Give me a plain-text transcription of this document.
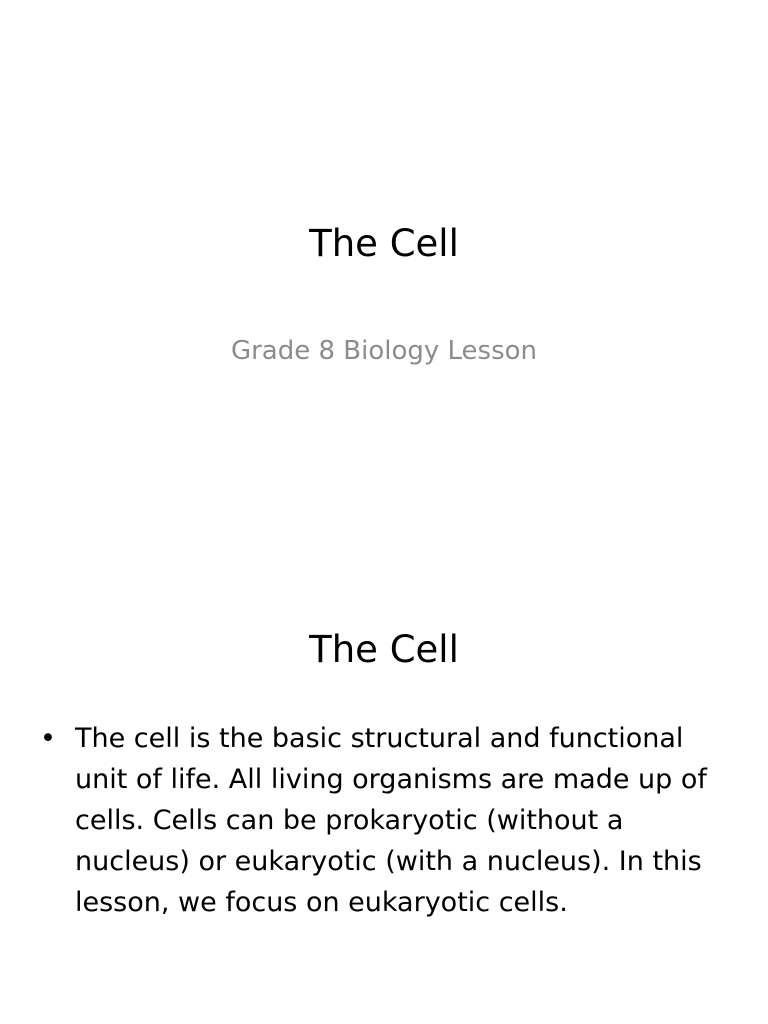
The Cell

Grade 8 Biology Lesson

The Cell
• The cell is the basic structural and functional unit of life. All living organisms are made up of cells. Cells can be prokaryotic (without a nucleus) or eukaryotic (with a nucleus). In this lesson, we focus on eukaryotic cells.
